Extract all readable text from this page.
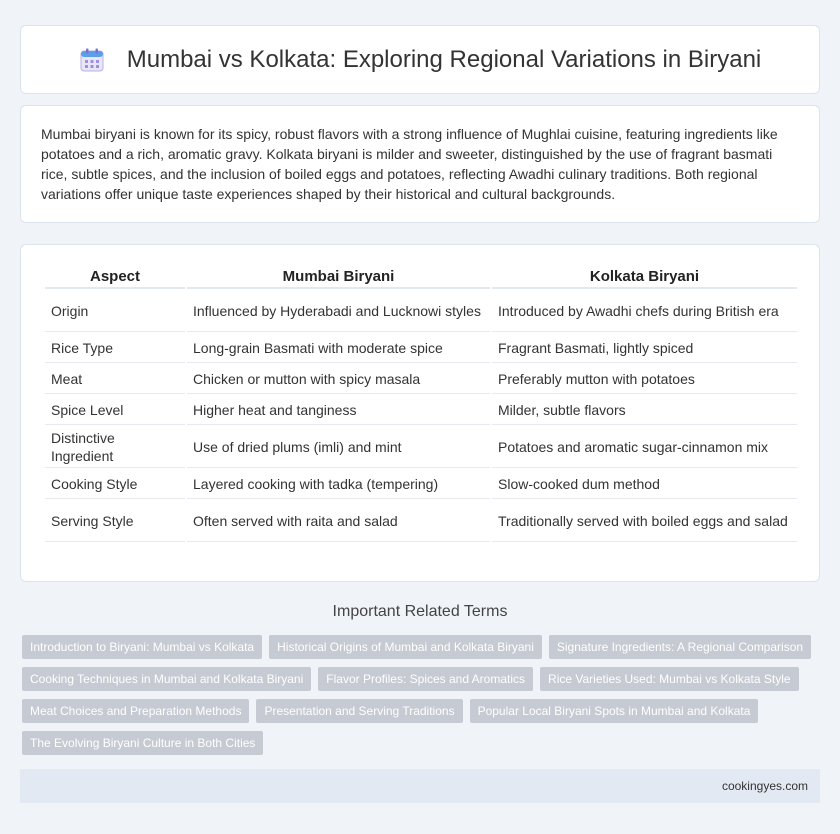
Mumbai vs Kolkata: Exploring Regional Variations in Biryani

Mumbai biryani is known for its spicy, robust flavors with a strong influence of Mughlai cuisine, featuring ingredients like potatoes and a rich, aromatic gravy. Kolkata biryani is milder and sweeter, distinguished by the use of fragrant basmati rice, subtle spices, and the inclusion of boiled eggs and potatoes, reflecting Awadhi culinary traditions. Both regional variations offer unique taste experiences shaped by their historical and cultural backgrounds.

Aspect	Mumbai Biryani	Kolkata Biryani
Origin	Influenced by Hyderabadi and Lucknowi styles	Introduced by Awadhi chefs during British era
Rice Type	Long-grain Basmati with moderate spice	Fragrant Basmati, lightly spiced
Meat	Chicken or mutton with spicy masala	Preferably mutton with potatoes
Spice Level	Higher heat and tanginess	Milder, subtle flavors
Distinctive Ingredient	Use of dried plums (imli) and mint	Potatoes and aromatic sugar-cinnamon mix
Cooking Style	Layered cooking with tadka (tempering)	Slow-cooked dum method
Serving Style	Often served with raita and salad	Traditionally served with boiled eggs and salad
Important Related Terms
Introduction to Biryani: Mumbai vs Kolkata	Historical Origins of Mumbai and Kolkata Biryani	Signature Ingredients: A Regional Comparison
Cooking Techniques in Mumbai and Kolkata Biryani	Flavor Profiles: Spices and Aromatics	Rice Varieties Used: Mumbai vs Kolkata Style
Meat Choices and Preparation Methods	Presentation and Serving Traditions	Popular Local Biryani Spots in Mumbai and Kolkata
The Evolving Biryani Culture in Both Cities
cookingyes.com
